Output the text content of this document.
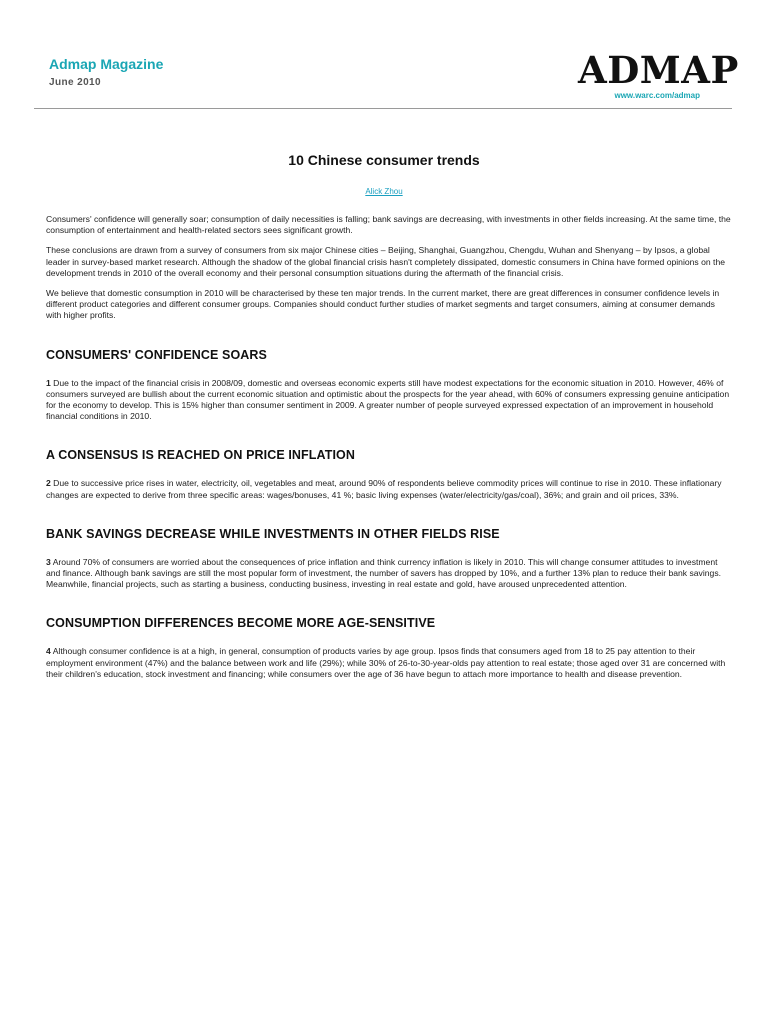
Admap Magazine
June 2010	ADMAP
www.warc.com/admap
10 Chinese consumer trends
Alick Zhou

Consumers' confidence will generally soar; consumption of daily necessities is falling; bank savings are decreasing, with investments in other fields increasing. At the same time, the consumption of entertainment and health-related sectors sees significant growth.

These conclusions are drawn from a survey of consumers from six major Chinese cities – Beijing, Shanghai, Guangzhou, Chengdu, Wuhan and Shenyang – by Ipsos, a global leader in survey-based market research. Although the shadow of the global financial crisis hasn't completely dissipated, domestic consumers in China have formed opinions on the development trends in 2010 of the overall economy and their personal consumption situations during the aftermath of the financial crisis.

We believe that domestic consumption in 2010 will be characterised by these ten major trends. In the current market, there are great differences in consumer confidence levels in different product categories and different consumer groups. Companies should conduct further studies of market segments and target consumers, aiming at consumer demands with higher profits.

CONSUMERS' CONFIDENCE SOARS

1 Due to the impact of the financial crisis in 2008/09, domestic and overseas economic experts still have modest expectations for the economic situation in 2010. However, 46% of consumers surveyed are bullish about the current economic situation and optimistic about the prospects for the year ahead, with 60% of consumers expressing genuine anticipation for the economy to develop. This is 15% higher than consumer sentiment in 2009. A greater number of people surveyed expressed expectation of an improvement in household financial conditions in 2010.

A CONSENSUS IS REACHED ON PRICE INFLATION

2 Due to successive price rises in water, electricity, oil, vegetables and meat, around 90% of respondents believe commodity prices will continue to rise in 2010. These inflationary changes are expected to derive from three specific areas: wages/bonuses, 41 %; basic living expenses (water/electricity/gas/coal), 36%; and grain and oil prices, 33%.

BANK SAVINGS DECREASE WHILE INVESTMENTS IN OTHER FIELDS RISE

3 Around 70% of consumers are worried about the consequences of price inflation and think currency inflation is likely in 2010. This will change consumer attitudes to investment and finance. Although bank savings are still the most popular form of investment, the number of savers has dropped by 10%, and a further 13% plan to reduce their bank savings. Meanwhile, financial projects, such as starting a business, conducting business, investing in real estate and gold, have aroused unprecedented attention.

CONSUMPTION DIFFERENCES BECOME MORE AGE-SENSITIVE

4 Although consumer confidence is at a high, in general, consumption of products varies by age group. Ipsos finds that consumers aged from 18 to 25 pay attention to their employment environment (47%) and the balance between work and life (29%); while 30% of 26-to-30-year-olds pay attention to real estate; those aged over 31 are concerned with their children's education, stock investment and financing; while consumers over the age of 36 have begun to attach more importance to health and disease prevention.
